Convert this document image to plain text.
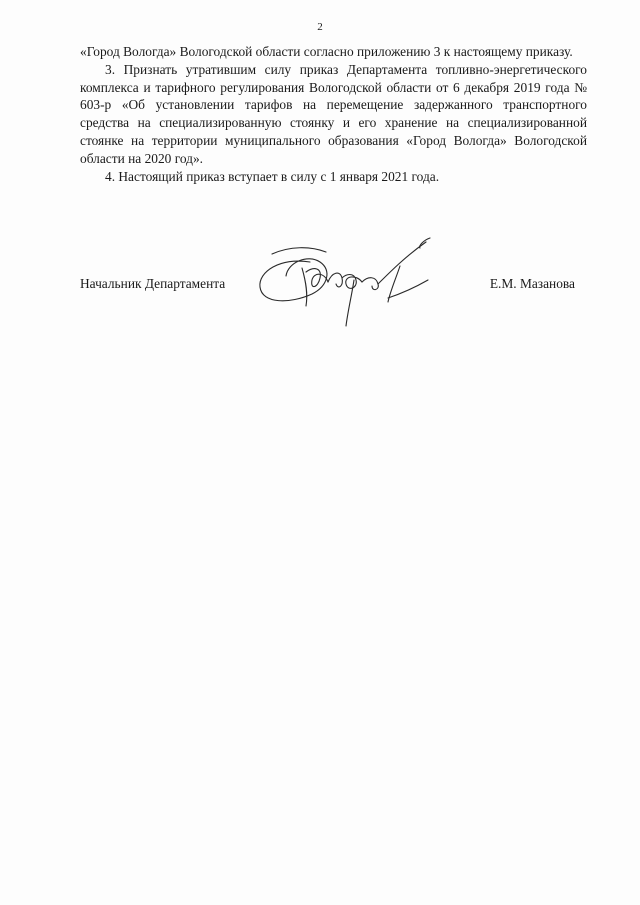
2

«Город Вологда» Вологодской области согласно приложению 3 к настоящему приказу.

3. Признать утратившим силу приказ Департамента топливно-энергетического комплекса и тарифного регулирования Вологодской области от 6 декабря 2019 года № 603-р «Об установлении тарифов на перемещение задержанного транспортного средства на специализированную стоянку и его хранение на специализированной стоянке на территории муниципального образования «Город Вологда» Вологодской области на 2020 год».

4. Настоящий приказ вступает в силу с 1 января 2021 года.

Начальник Департамента	Е.М. Мазанова
